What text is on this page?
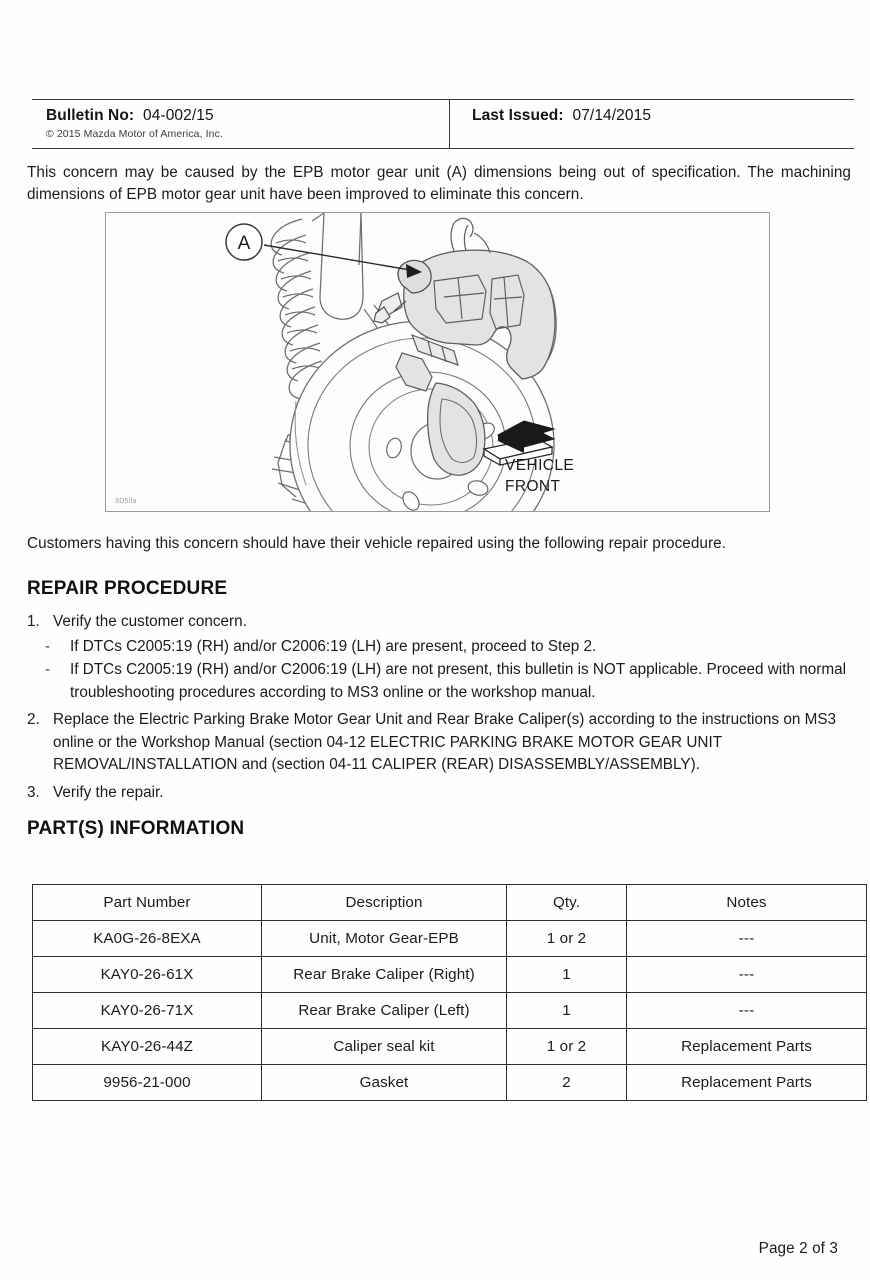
Bulletin No: 04-002/15
© 2015 Mazda Motor of America, Inc.
Last Issued: 07/14/2015
This concern may be caused by the EPB motor gear unit (A) dimensions being out of specification. The machining dimensions of EPB motor gear unit have been improved to eliminate this concern.
A
3D5lla
VEHICLE
FRONT
Customers having this concern should have their vehicle repaired using the following repair procedure.
REPAIR PROCEDURE
1. Verify the customer concern.
-	If DTCs C2005:19 (RH) and/or C2006:19 (LH) are present, proceed to Step 2.
-	If DTCs C2005:19 (RH) and/or C2006:19 (LH) are not present, this bulletin is NOT applicable. Proceed with normal troubleshooting procedures according to MS3 online or the workshop manual.
2. Replace the Electric Parking Brake Motor Gear Unit and Rear Brake Caliper(s) according to the instructions on MS3 online or the Workshop Manual (section 04-12 ELECTRIC PARKING BRAKE MOTOR GEAR UNIT REMOVAL/INSTALLATION and (section 04-11 CALIPER (REAR) DISASSEMBLY/ASSEMBLY).
3. Verify the repair.
PART(S) INFORMATION
Part Number	Description	Qty.	Notes
KA0G-26-8EXA	Unit, Motor Gear-EPB	1 or 2	---
KAY0-26-61X	Rear Brake Caliper (Right)	1	---
KAY0-26-71X	Rear Brake Caliper (Left)	1	---
KAY0-26-44Z	Caliper seal kit	1 or 2	Replacement Parts
9956-21-000	Gasket	2	Replacement Parts
Page 2 of 3
